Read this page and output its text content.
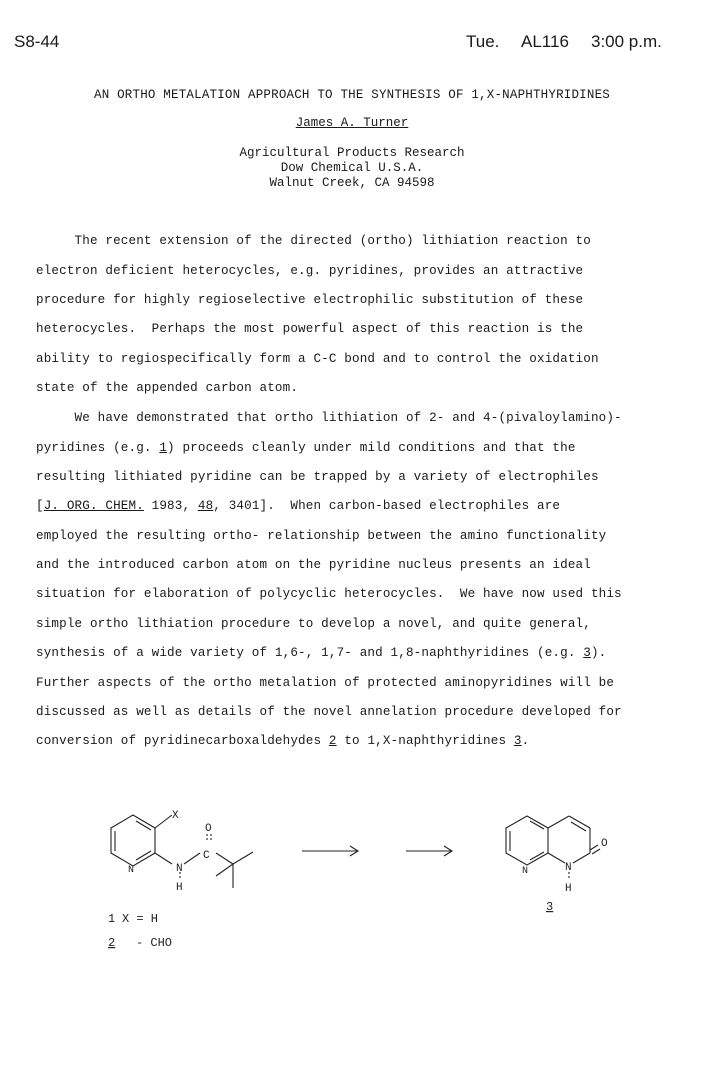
S8-44	Tue. AL116 3:00 p.m.
AN ORTHO METALATION APPROACH TO THE SYNTHESIS OF 1,X-NAPHTHYRIDINES
James A. Turner
Agricultural Products Research
Dow Chemical U.S.A.
Walnut Creek, CA 94598
The recent extension of the directed (ortho) lithiation reaction to
electron deficient heterocycles, e.g. pyridines, provides an attractive
procedure for highly regioselective electrophilic substitution of these
heterocycles.  Perhaps the most powerful aspect of this reaction is the
ability to regiospecifically form a C-C bond and to control the oxidation
state of the appended carbon atom.
We have demonstrated that ortho lithiation of 2- and 4-(pivaloylamino)-
pyridines (e.g. 1) proceeds cleanly under mild conditions and that the
resulting lithiated pyridine can be trapped by a variety of electrophiles
[J. ORG. CHEM. 1983, 48, 3401].  When carbon-based electrophiles are
employed the resulting ortho- relationship between the amino functionality
and the introduced carbon atom on the pyridine nucleus presents an ideal
situation for elaboration of polycyclic heterocycles.  We have now used this
simple ortho lithiation procedure to develop a novel, and quite general,
synthesis of a wide variety of 1,6-, 1,7- and 1,8-naphthyridines (e.g. 3).
Further aspects of the ortho metalation of protected aminopyridines will be
discussed as well as details of the novel annelation procedure developed for
conversion of pyridinecarboxaldehydes 2 to 1,X-naphthyridines 3.
X
O
N	N
H
C
N	N
H
O
3
1 X = H
2 - CHO
